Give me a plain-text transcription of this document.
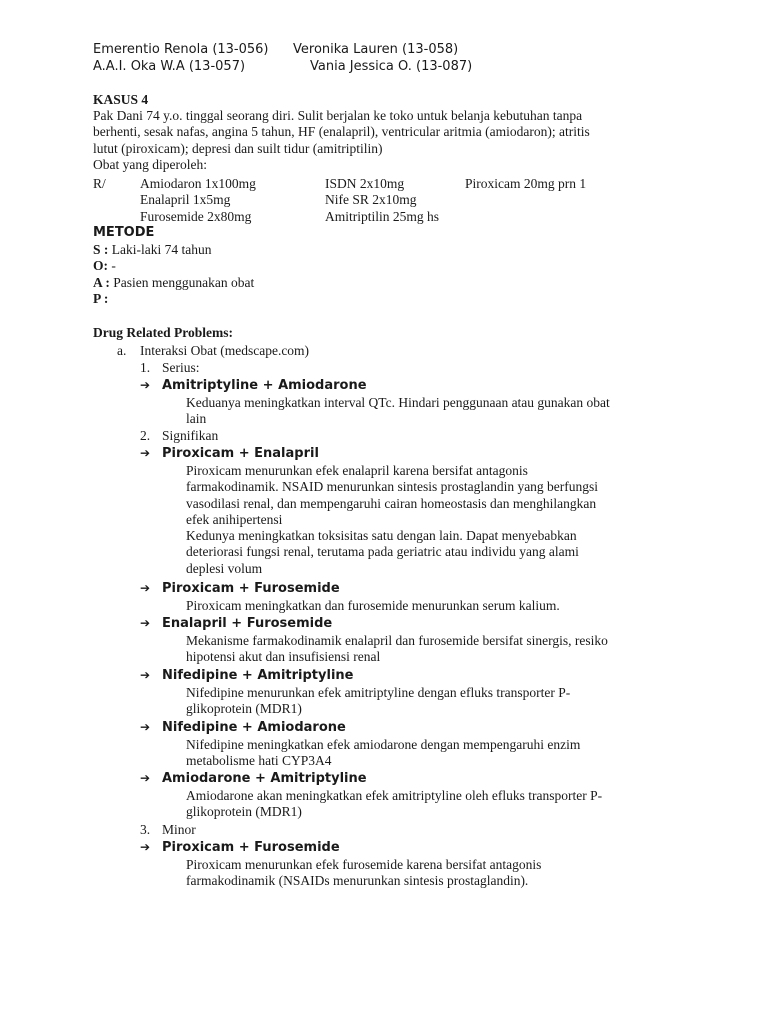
Emerentio Renola (13-056) Veronika Lauren (13-058)
A.A.I. Oka W.A (13-057)	Vania Jessica O. (13-087)
KASUS 4
Pak Dani 74 y.o. tinggal seorang diri. Sulit berjalan ke toko untuk belanja kebutuhan tanpa
berhenti, sesak nafas, angina 5 tahun, HF (enalapril), ventricular aritmia (amiodaron); atritis
lutut (piroxicam); depresi dan suilt tidur (amitriptilin)
Obat yang diperoleh:
R/	Amiodaron 1x100mg
Enalapril 1x5mg
Furosemide 2x80mg
ISDN 2x10mg
Nife SR 2x10mg
Amitriptilin 25mg hs
Piroxicam 20mg prn 1
METODE
S : Laki-laki 74 tahun
O: -
A : Pasien menggunakan obat
P :
Drug Related Problems:
a. Interaksi Obat (medscape.com)
1. Serius:
➔ Amitriptyline + Amiodarone
Keduanya meningkatkan interval QTc. Hindari penggunaan atau gunakan obat
lain
2. Signifikan
➔ Piroxicam + Enalapril
Piroxicam menurunkan efek enalapril karena bersifat antagonis
farmakodinamik. NSAID menurunkan sintesis prostaglandin yang berfungsi
vasodilasi renal, dan mempengaruhi cairan homeostasis dan menghilangkan
efek anihipertensi
Kedunya meningkatkan toksisitas satu dengan lain. Dapat menyebabkan
deteriorasi fungsi renal, terutama pada geriatric atau individu yang alami
deplesi volum
➔ Piroxicam + Furosemide
Piroxicam meningkatkan dan furosemide menurunkan serum kalium.
➔ Enalapril + Furosemide
Mekanisme farmakodinamik enalapril dan furosemide bersifat sinergis, resiko
hipotensi akut dan insufisiensi renal
➔ Nifedipine + Amitriptyline
Nifedipine menurunkan efek amitriptyline dengan efluks transporter P-
glikoprotein (MDR1)
➔ Nifedipine + Amiodarone
Nifedipine meningkatkan efek amiodarone dengan mempengaruhi enzim
metabolisme hati CYP3A4
➔ Amiodarone + Amitriptyline
Amiodarone akan meningkatkan efek amitriptyline oleh efluks transporter P-
glikoprotein (MDR1)
3. Minor
➔ Piroxicam + Furosemide
Piroxicam menurunkan efek furosemide karena bersifat antagonis
farmakodinamik (NSAIDs menurunkan sintesis prostaglandin).
